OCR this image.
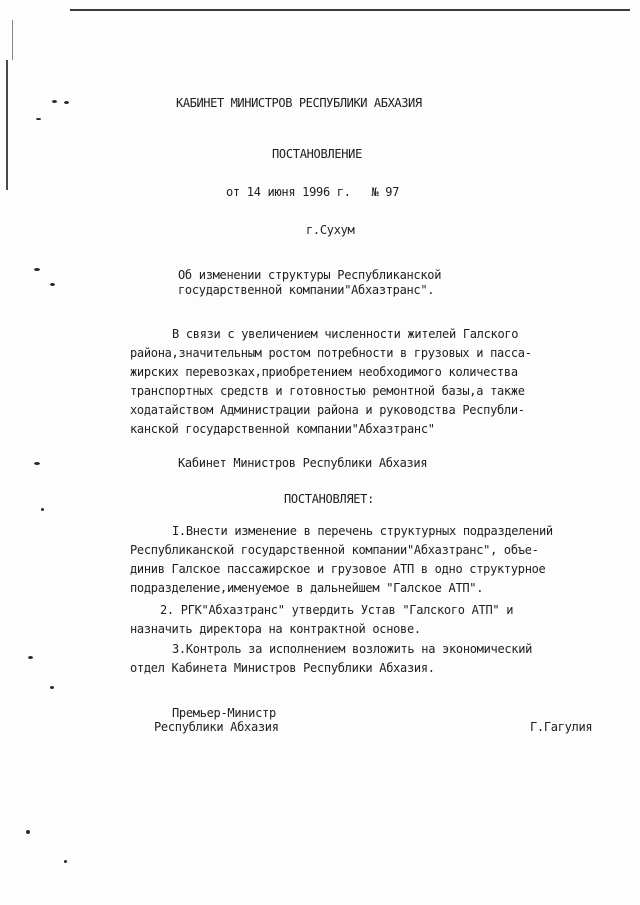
КАБИНЕТ МИНИСТРОВ РЕСПУБЛИКИ АБХАЗИЯ
ПОСТАНОВЛЕНИЕ
от 14 июня 1996 г.   № 97
г.Сухум
Об изменении структуры Республиканской
государственной компании"Абхазтранс".
В связи с увеличением численности жителей Галского
района,значительным ростом потребности в грузовых и пасса-
жирских перевозках,приобретением необходимого количества
транспортных средств и готовностью ремонтной базы,а также
ходатайством Администрации района и руководства Республи-
канской государственной компании"Абхазтранс"
Кабинет Министров Республики Абхазия
ПОСТАНОВЛЯЕТ:
I.Внести изменение в перечень структурных подразделений
Республиканской государственной компании"Абхазтранс", объе-
динив Галское пассажирское и грузовое АТП в одно структурное
подразделение,именуемое в дальнейшем "Галское АТП".
2. РГК"Абхазтранс" утвердить Устав "Галского АТП" и
назначить директора на контрактной основе.
3.Контроль за исполнением возложить на экономический
отдел Кабинета Министров Республики Абхазия.
Премьер-Министр
Республики Абхазия	Г.Гагулия
